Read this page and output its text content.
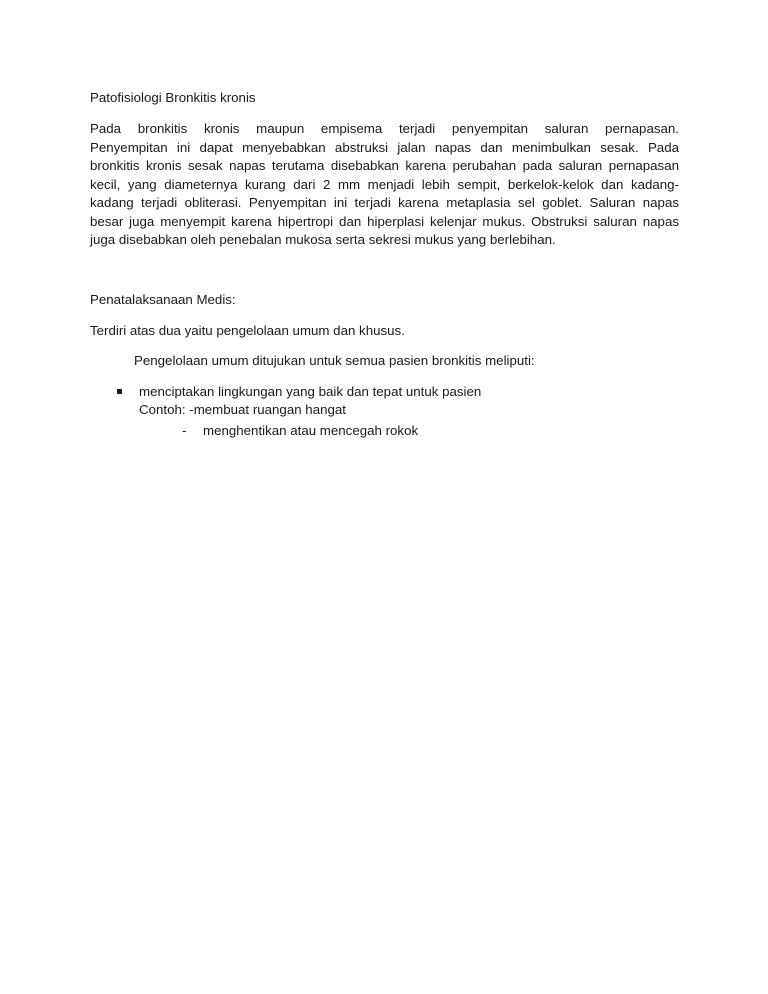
Patofisiologi Bronkitis kronis
Pada bronkitis kronis maupun empisema terjadi penyempitan saluran pernapasan.
Penyempitan ini dapat menyebabkan abstruksi jalan napas dan menimbulkan sesak. Pada
bronkitis kronis sesak napas terutama disebabkan karena perubahan pada saluran pernapasan
kecil, yang diameternya kurang dari 2 mm menjadi lebih sempit, berkelok-kelok dan kadang-
kadang terjadi obliterasi. Penyempitan ini terjadi karena metaplasia sel goblet. Saluran napas
besar juga menyempit karena hipertropi dan hiperplasi kelenjar mukus. Obstruksi saluran napas
juga disebabkan oleh penebalan mukosa serta sekresi mukus yang berlebihan.
Penatalaksanaan Medis:
Terdiri atas dua yaitu pengelolaan umum dan khusus.
Pengelolaan umum ditujukan untuk semua pasien bronkitis meliputi:
menciptakan lingkungan yang baik dan tepat untuk pasien
Contoh: -membuat ruangan hangat
- menghentikan atau mencegah rokok
